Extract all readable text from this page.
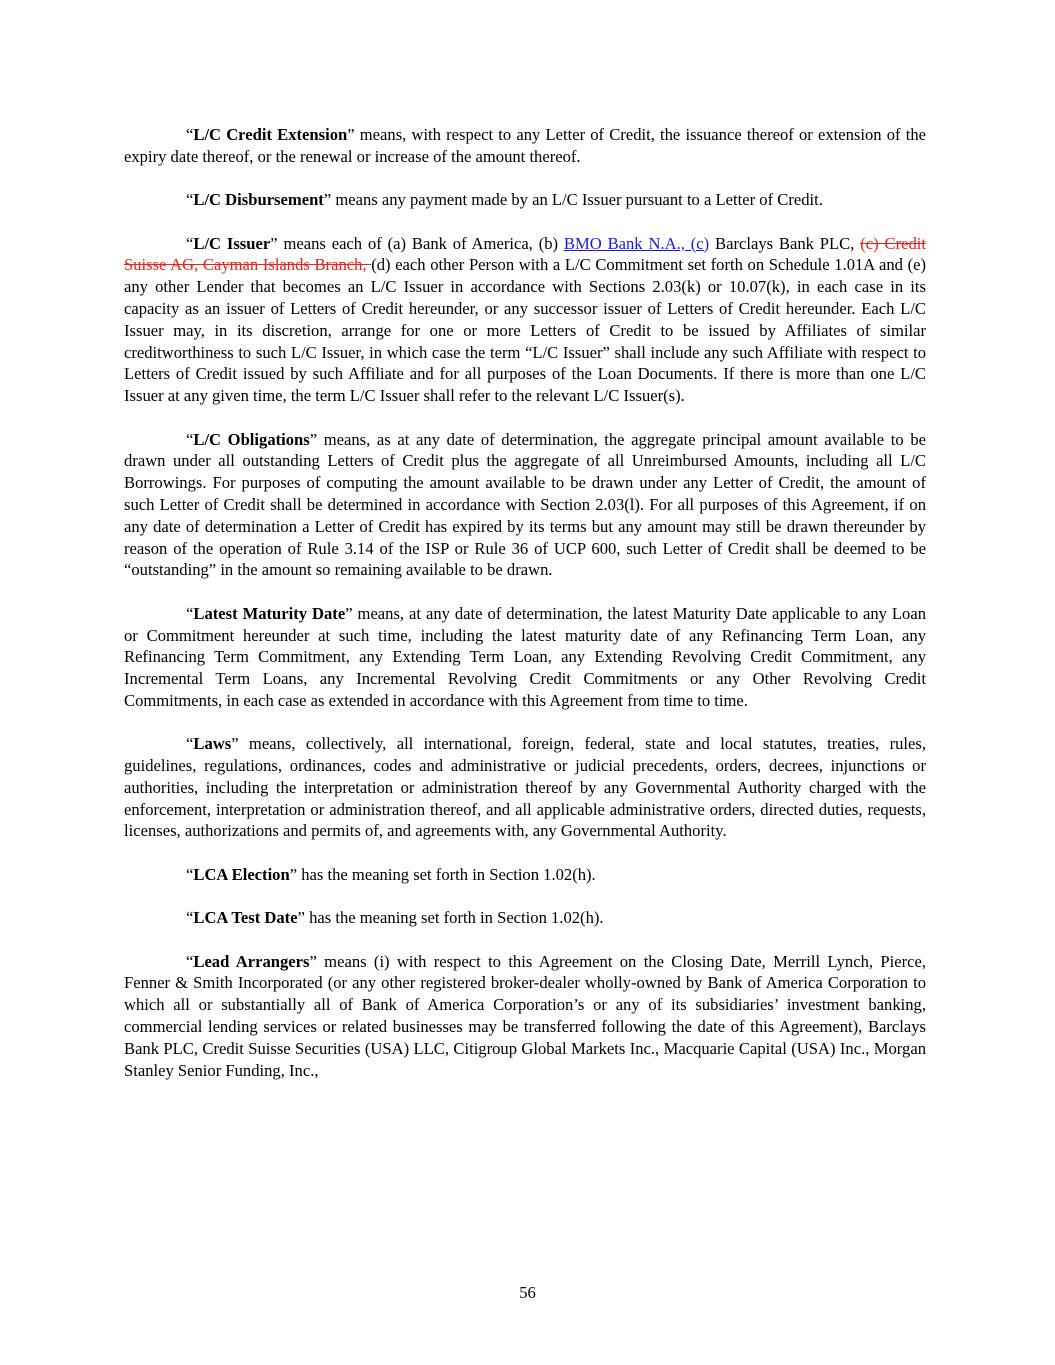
“L/C Credit Extension” means, with respect to any Letter of Credit, the issuance thereof or extension of the expiry date thereof, or the renewal or increase of the amount thereof.

“L/C Disbursement” means any payment made by an L/C Issuer pursuant to a Letter of Credit.

“L/C Issuer” means each of (a) Bank of America, (b) BMO Bank N.A., (c) Barclays Bank PLC, (c) Credit Suisse AG, Cayman Islands Branch, (d) each other Person with a L/C Commitment set forth on Schedule 1.01A and (e) any other Lender that becomes an L/C Issuer in accordance with Sections 2.03(k) or 10.07(k), in each case in its capacity as an issuer of Letters of Credit hereunder, or any successor issuer of Letters of Credit hereunder. Each L/C Issuer may, in its discretion, arrange for one or more Letters of Credit to be issued by Affiliates of similar creditworthiness to such L/C Issuer, in which case the term “L/C Issuer” shall include any such Affiliate with respect to Letters of Credit issued by such Affiliate and for all purposes of the Loan Documents. If there is more than one L/C Issuer at any given time, the term L/C Issuer shall refer to the relevant L/C Issuer(s).

“L/C Obligations” means, as at any date of determination, the aggregate principal amount available to be drawn under all outstanding Letters of Credit plus the aggregate of all Unreimbursed Amounts, including all L/C Borrowings. For purposes of computing the amount available to be drawn under any Letter of Credit, the amount of such Letter of Credit shall be determined in accordance with Section 2.03(l). For all purposes of this Agreement, if on any date of determination a Letter of Credit has expired by its terms but any amount may still be drawn thereunder by reason of the operation of Rule 3.14 of the ISP or Rule 36 of UCP 600, such Letter of Credit shall be deemed to be “outstanding” in the amount so remaining available to be drawn.

“Latest Maturity Date” means, at any date of determination, the latest Maturity Date applicable to any Loan or Commitment hereunder at such time, including the latest maturity date of any Refinancing Term Loan, any Refinancing Term Commitment, any Extending Term Loan, any Extending Revolving Credit Commitment, any Incremental Term Loans, any Incremental Revolving Credit Commitments or any Other Revolving Credit Commitments, in each case as extended in accordance with this Agreement from time to time.

“Laws” means, collectively, all international, foreign, federal, state and local statutes, treaties, rules, guidelines, regulations, ordinances, codes and administrative or judicial precedents, orders, decrees, injunctions or authorities, including the interpretation or administration thereof by any Governmental Authority charged with the enforcement, interpretation or administration thereof, and all applicable administrative orders, directed duties, requests, licenses, authorizations and permits of, and agreements with, any Governmental Authority.

“LCA Election” has the meaning set forth in Section 1.02(h).

“LCA Test Date” has the meaning set forth in Section 1.02(h).

“Lead Arrangers” means (i) with respect to this Agreement on the Closing Date, Merrill Lynch, Pierce, Fenner & Smith Incorporated (or any other registered broker-dealer wholly-owned by Bank of America Corporation to which all or substantially all of Bank of America Corporation’s or any of its subsidiaries’ investment banking, commercial lending services or related businesses may be transferred following the date of this Agreement), Barclays Bank PLC, Credit Suisse Securities (USA) LLC, Citigroup Global Markets Inc., Macquarie Capital (USA) Inc., Morgan Stanley Senior Funding, Inc.,

56
